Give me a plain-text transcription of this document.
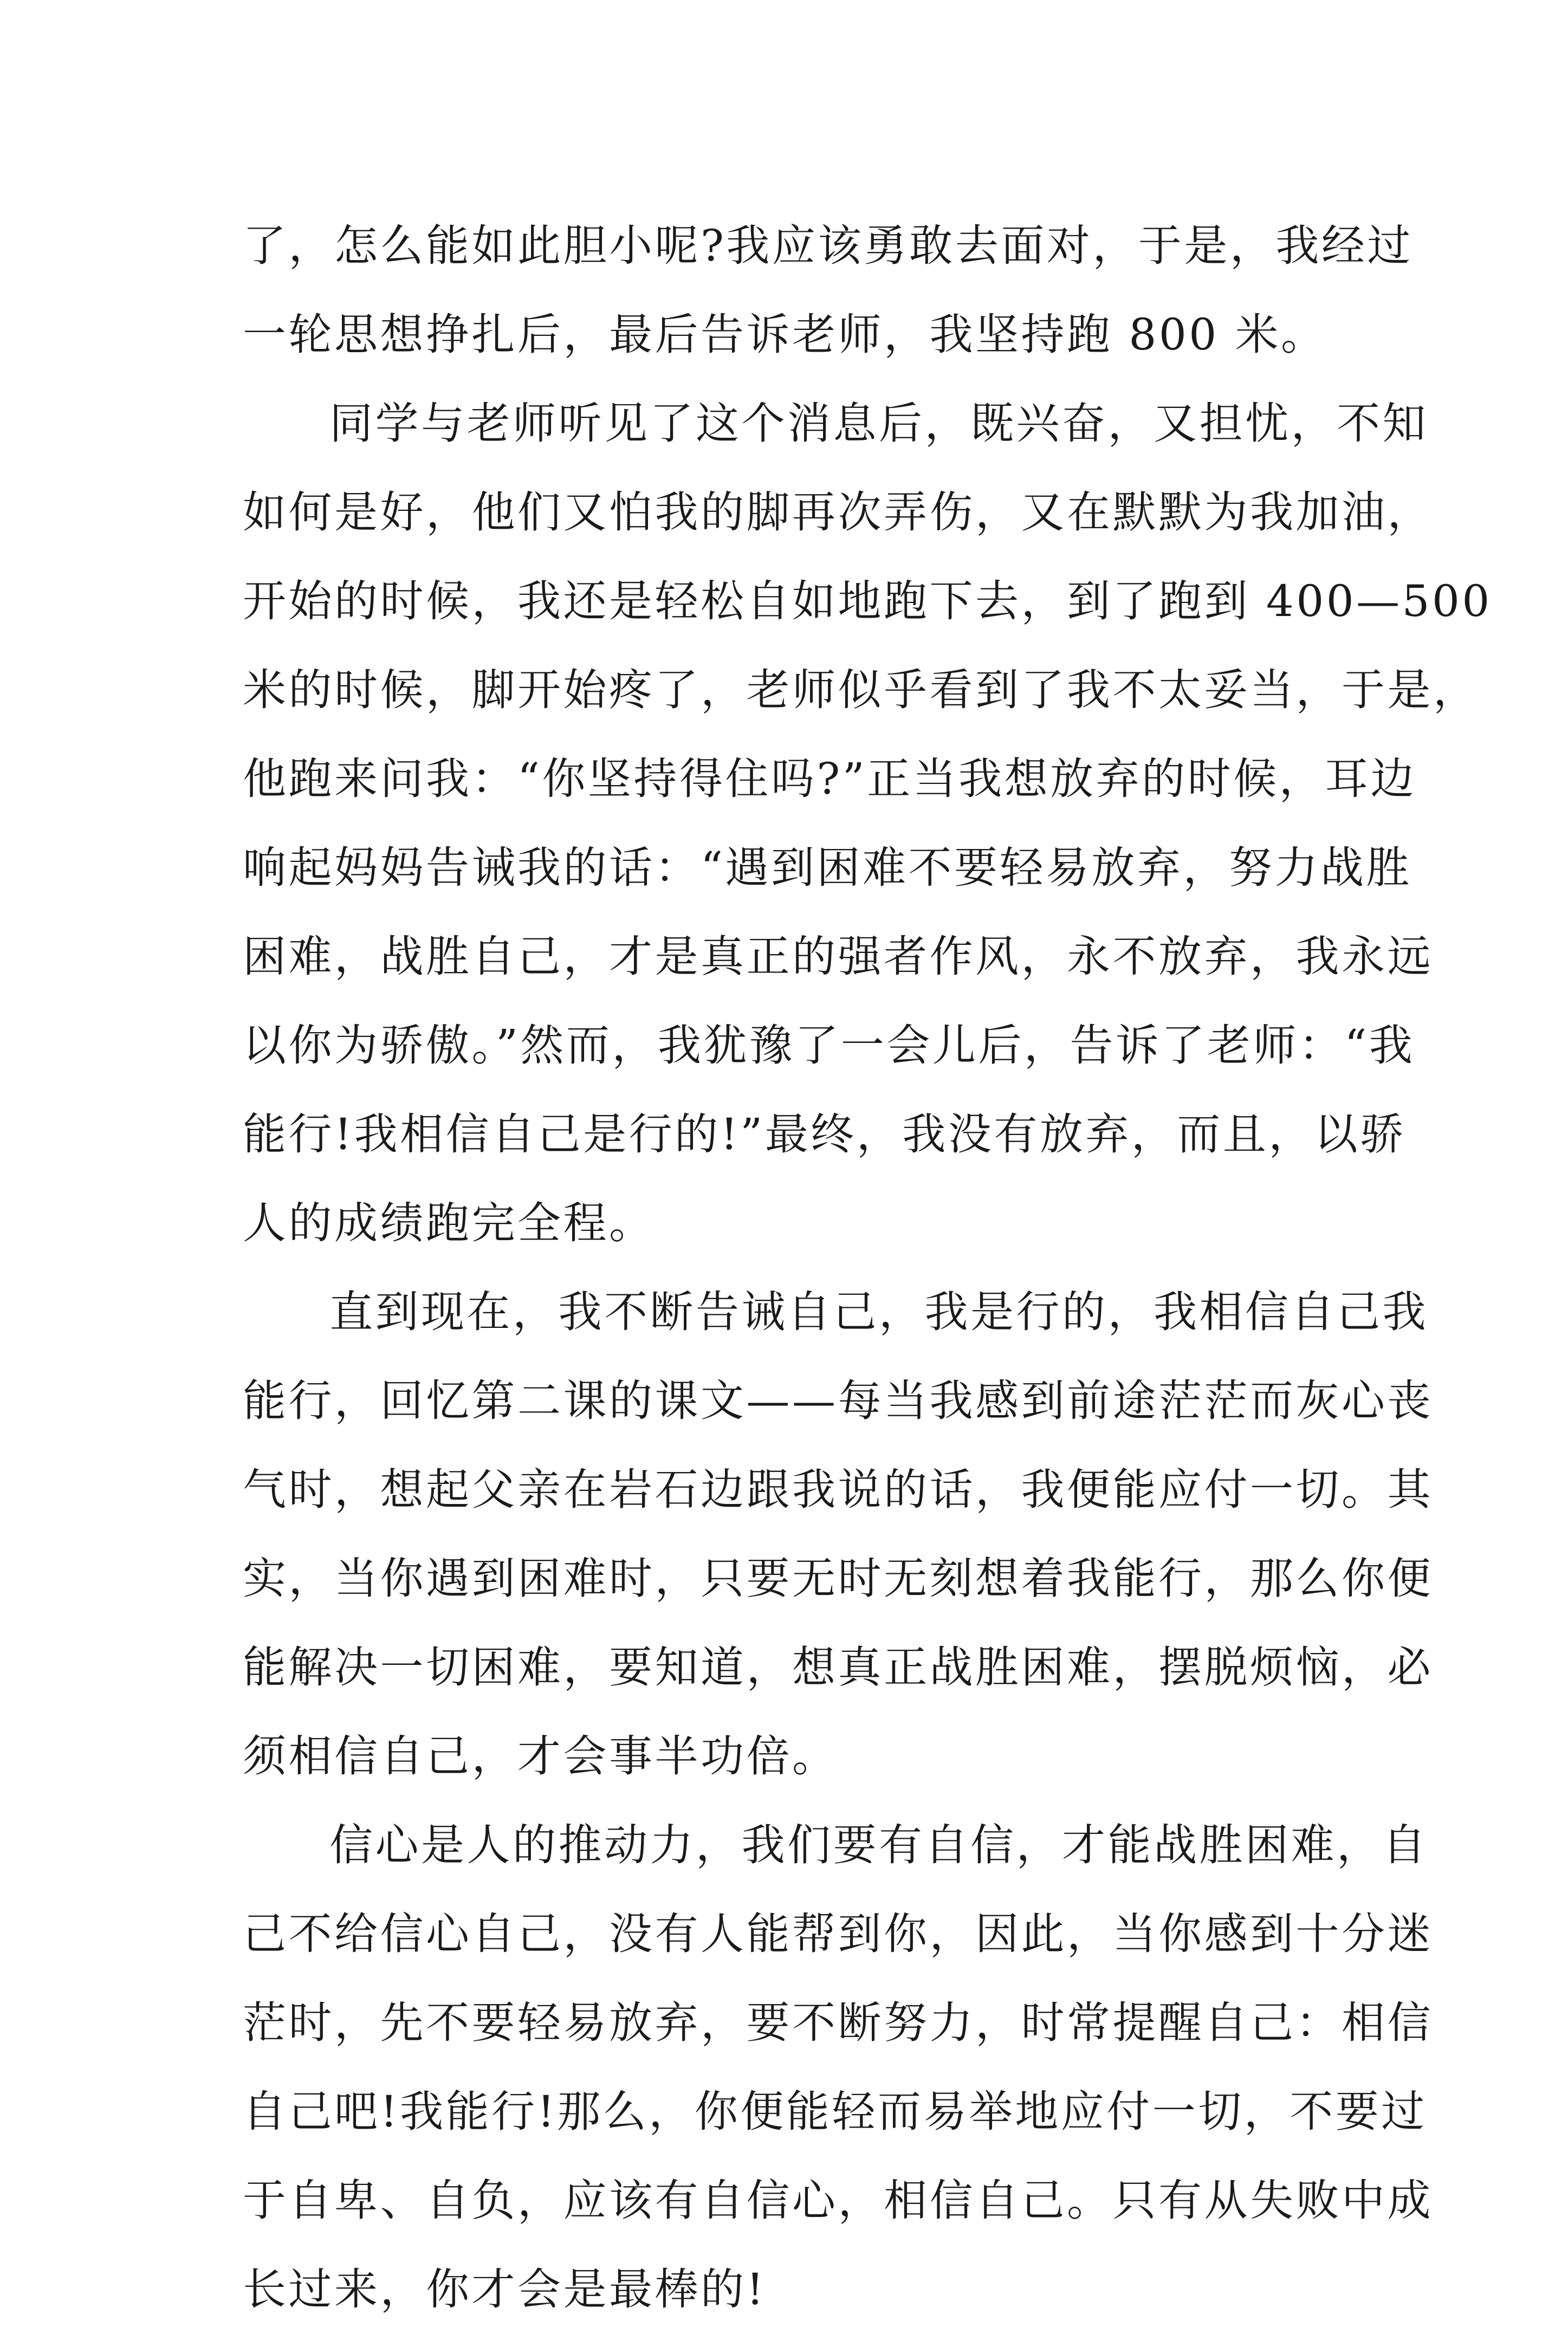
了，怎么能如此胆小呢?我应该勇敢去面对，于是，我经过
一轮思想挣扎后，最后告诉老师，我坚持跑 800 米。
同学与老师听见了这个消息后，既兴奋，又担忧，不知
如何是好，他们又怕我的脚再次弄伤，又在默默为我加油，
开始的时候，我还是轻松自如地跑下去，到了跑到 400—500
米的时候，脚开始疼了，老师似乎看到了我不太妥当，于是，
他跑来问我：“你坚持得住吗?”正当我想放弃的时候，耳边
响起妈妈告诫我的话：“遇到困难不要轻易放弃，努力战胜
困难，战胜自己，才是真正的强者作风，永不放弃，我永远
以你为骄傲。”然而，我犹豫了一会儿后，告诉了老师：“我
能行!我相信自己是行的!”最终，我没有放弃，而且，以骄
人的成绩跑完全程。
直到现在，我不断告诫自己，我是行的，我相信自己我
能行，回忆第二课的课文——每当我感到前途茫茫而灰心丧
气时，想起父亲在岩石边跟我说的话，我便能应付一切。其
实，当你遇到困难时，只要无时无刻想着我能行，那么你便
能解决一切困难，要知道，想真正战胜困难，摆脱烦恼，必
须相信自己，才会事半功倍。
信心是人的推动力，我们要有自信，才能战胜困难，自
己不给信心自己，没有人能帮到你，因此，当你感到十分迷
茫时，先不要轻易放弃，要不断努力，时常提醒自己：相信
自己吧!我能行!那么，你便能轻而易举地应付一切，不要过
于自卑、自负，应该有自信心，相信自己。只有从失败中成
长过来，你才会是最棒的!
